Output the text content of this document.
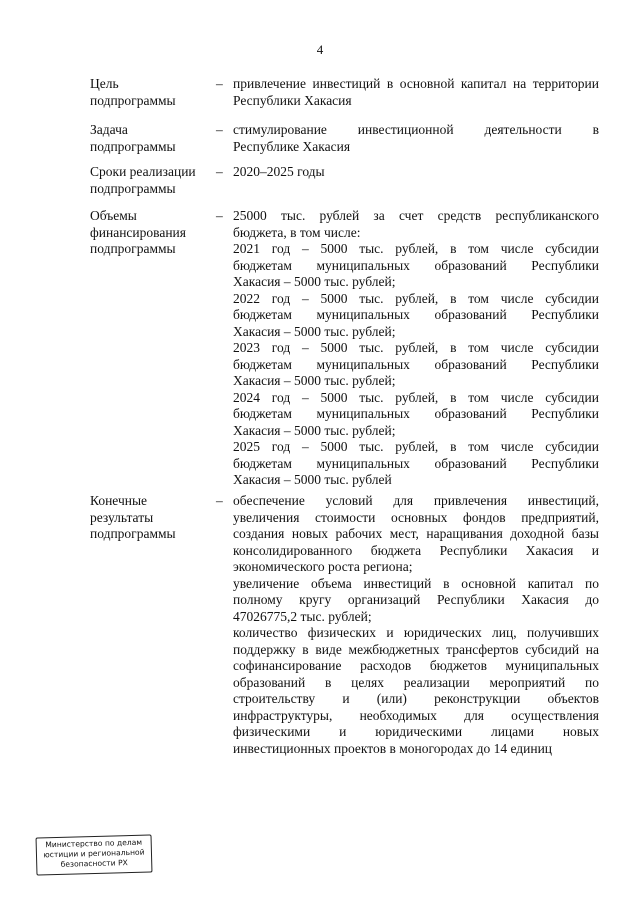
4
Цель
подпрограммы
– привлечение инвестиций в основной капитал на территории
Республики Хакасия
Задача
подпрограммы
– стимулирование инвестиционной деятельности в
Республике Хакасия
Сроки реализации
подпрограммы
– 2020–2025 годы
Объемы
финансирования
подпрограммы
– 25000 тыс. рублей за счет средств республиканского
бюджета, в том числе:
2021 год – 5000 тыс. рублей, в том числе субсидии
бюджетам муниципальных образований Республики
Хакасия – 5000 тыс. рублей;
2022 год – 5000 тыс. рублей, в том числе субсидии
бюджетам муниципальных образований Республики
Хакасия – 5000 тыс. рублей;
2023 год – 5000 тыс. рублей, в том числе субсидии
бюджетам муниципальных образований Республики
Хакасия – 5000 тыс. рублей;
2024 год – 5000 тыс. рублей, в том числе субсидии
бюджетам муниципальных образований Республики
Хакасия – 5000 тыс. рублей;
2025 год – 5000 тыс. рублей, в том числе субсидии
бюджетам муниципальных образований Республики
Хакасия – 5000 тыс. рублей
Конечные
результаты
подпрограммы
– обеспечение условий для привлечения инвестиций,
увеличения стоимости основных фондов предприятий,
создания новых рабочих мест, наращивания доходной базы
консолидированного бюджета Республики Хакасия и
экономического роста региона;
увеличение объема инвестиций в основной капитал по
полному кругу организаций Республики Хакасия до
47026775,2 тыс. рублей;
количество физических и юридических лиц, получивших
поддержку в виде межбюджетных трансфертов субсидий на
софинансирование расходов бюджетов муниципальных
образований в целях реализации мероприятий по
строительству и (или) реконструкции объектов
инфраструктуры, необходимых для осуществления
физическими и юридическими лицами новых
инвестиционных проектов в моногородах до 14 единиц
Министерство по делам
юстиции и региональной
безопасности РХ
